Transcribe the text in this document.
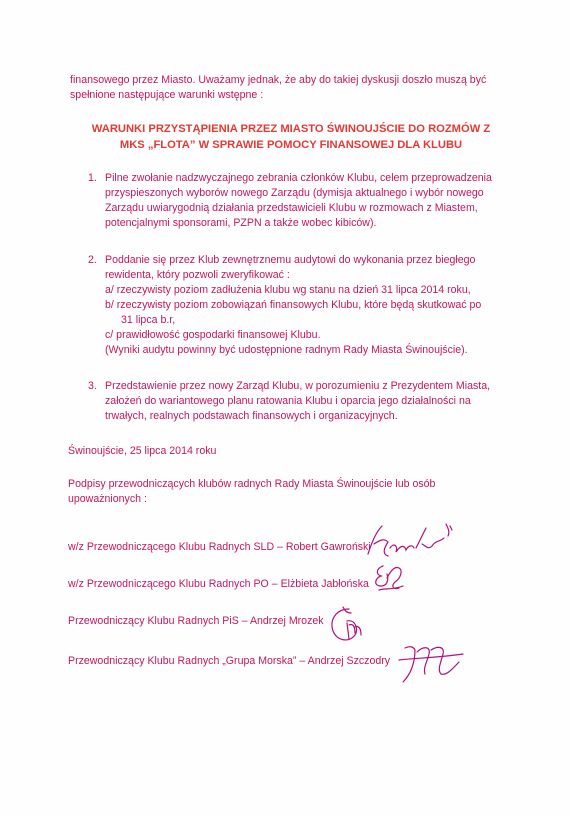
finansowego przez Miasto. Uważamy jednak, że aby do takiej dyskusji doszło muszą być

spełnione następujące warunki wstępne :

WARUNKI PRZYSTĄPIENIA PRZEZ MIASTO ŚWINOUJŚCIE DO ROZMÓW Z

MKS „FLOTA” W SPRAWIE POMOCY FINANSOWEJ DLA KLUBU

1. Pilne zwołanie nadzwyczajnego zebrania członków Klubu, celem przeprowadzenia

przyspieszonych wyborów nowego Zarządu (dymisja aktualnego i wybór nowego

Zarządu uwiarygodnią działania przedstawicieli Klubu w rozmowach z Miastem,

potencjalnymi sponsorami, PZPN a także wobec kibiców).

2. Poddanie się przez Klub zewnętrznemu audytowi do wykonania przez biegłego

rewidenta, który pozwoli zweryfikować :

a/ rzeczywisty poziom zadłużenia klubu wg stanu na dzień 31 lipca 2014 roku,

b/ rzeczywisty poziom zobowiązań finansowych Klubu, które będą skutkować po

31 lipca b.r,

c/ prawidłowość gospodarki finansowej Klubu.

(Wyniki audytu powinny być udostępnione radnym Rady Miasta Świnoujście).

3. Przedstawienie przez nowy Zarząd Klubu, w porozumieniu z Prezydentem Miasta,

założeń do wariantowego planu ratowania Klubu i oparcia jego działalności na

trwałych, realnych podstawach finansowych i organizacyjnych.

Świnoujście, 25 lipca 2014 roku

Podpisy przewodniczących klubów radnych Rady Miasta Świnoujście lub osób

upoważnionych :

w/z Przewodniczącego Klubu Radnych SLD – Robert Gawroński
w/z Przewodniczącego Klubu Radnych PO – Elżbieta Jabłońska
Przewodniczący Klubu Radnych PiS – Andrzej Mrozek
Przewodniczący Klubu Radnych „Grupa Morska” – Andrzej Szczodry
